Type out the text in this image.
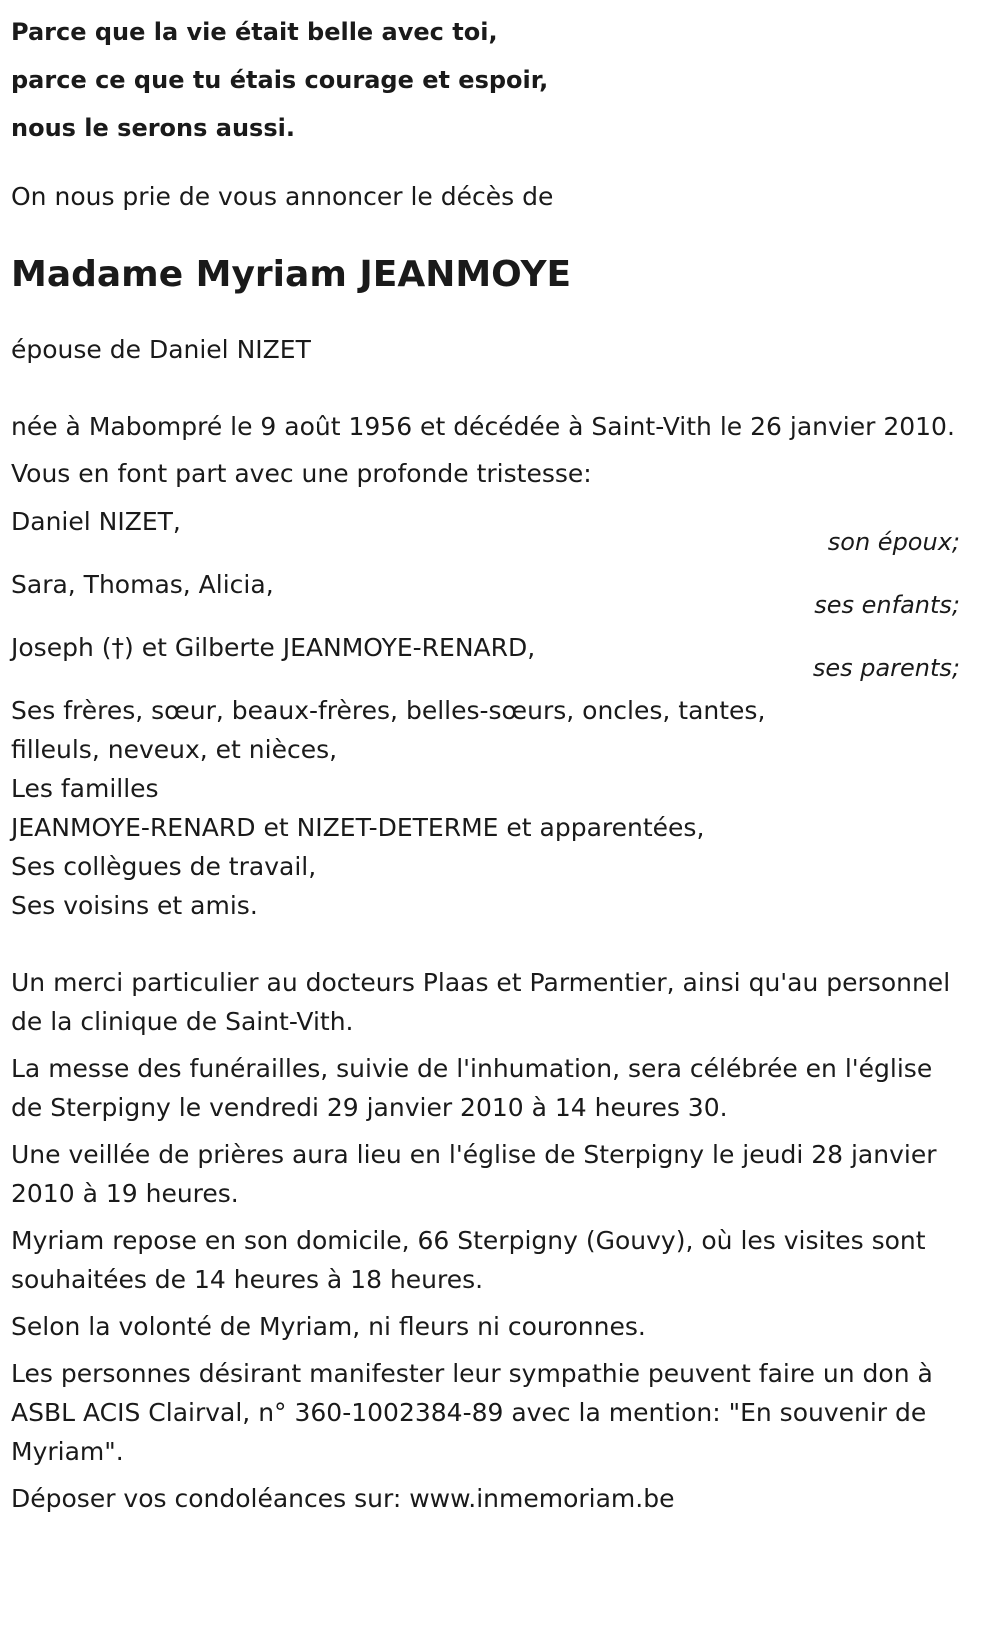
Parce que la vie était belle avec toi,

parce ce que tu étais courage et espoir,

nous le serons aussi.

On nous prie de vous annoncer le décès de

Madame Myriam JEANMOYE

épouse de Daniel NIZET

née à Mabompré le 9 août 1956 et décédée à Saint-Vith le 26 janvier 2010.

Vous en font part avec une profonde tristesse:

Daniel NIZET,
son époux;
Sara, Thomas, Alicia,
ses enfants;
Joseph (†) et Gilberte JEANMOYE-RENARD,
ses parents;
Ses frères, sœur, beaux-frères, belles-sœurs, oncles, tantes,
filleuls, neveux, et nièces,
Les familles
JEANMOYE-RENARD et NIZET-DETERME et apparentées,
Ses collègues de travail,
Ses voisins et amis.

Un merci particulier au docteurs Plaas et Parmentier, ainsi qu'au personnel de la clinique de Saint-Vith.

La messe des funérailles, suivie de l'inhumation, sera célébrée en l'église de Sterpigny le vendredi 29 janvier 2010 à 14 heures 30.

Une veillée de prières aura lieu en l'église de Sterpigny le jeudi 28 janvier 2010 à 19 heures.

Myriam repose en son domicile, 66 Sterpigny (Gouvy), où les visites sont souhaitées de 14 heures à 18 heures.

Selon la volonté de Myriam, ni fleurs ni couronnes.

Les personnes désirant manifester leur sympathie peuvent faire un don à ASBL ACIS Clairval, n° 360-1002384-89 avec la mention: "En souvenir de Myriam".

Déposer vos condoléances sur: www.inmemoriam.be
